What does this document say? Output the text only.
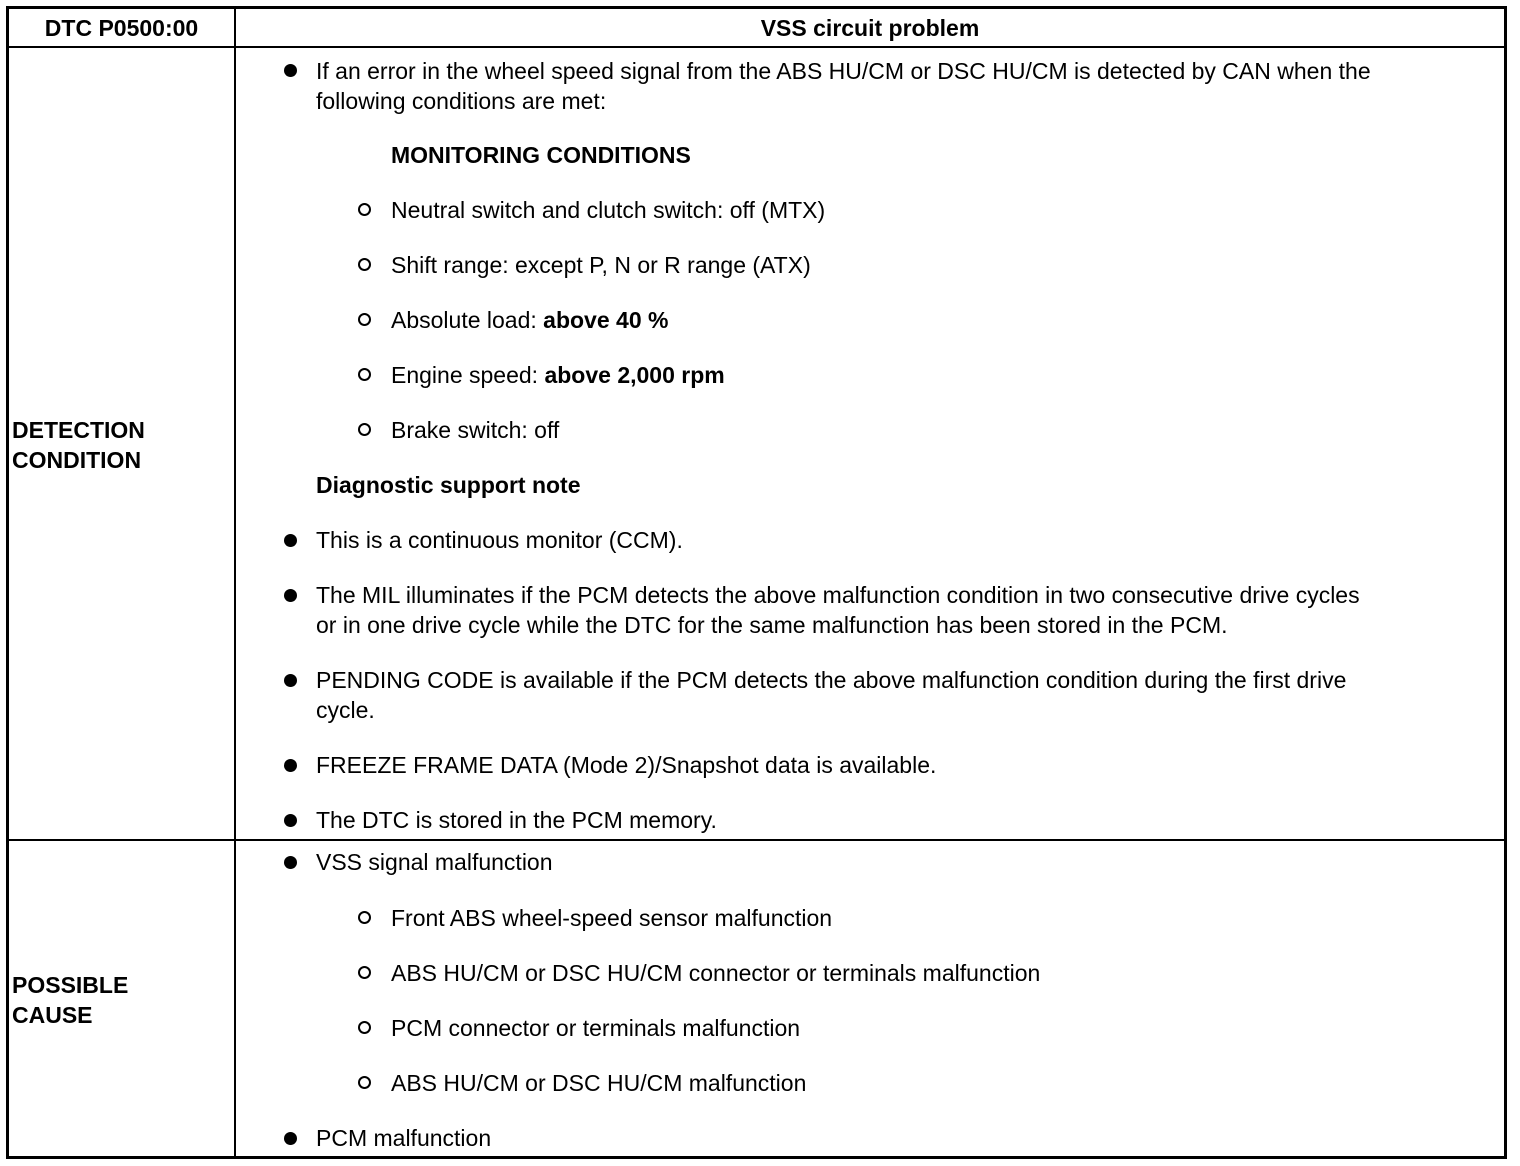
DTC P0500:00	VSS circuit problem
DETECTION
CONDITION
If an error in the wheel speed signal from the ABS HU/CM or DSC HU/CM is detected by CAN when the
following conditions are met:
MONITORING CONDITIONS
Neutral switch and clutch switch: off (MTX)
Shift range: except P, N or R range (ATX)
Absolute load: above 40 %
Engine speed: above 2,000 rpm
Brake switch: off
Diagnostic support note
This is a continuous monitor (CCM).
The MIL illuminates if the PCM detects the above malfunction condition in two consecutive drive cycles
or in one drive cycle while the DTC for the same malfunction has been stored in the PCM.
PENDING CODE is available if the PCM detects the above malfunction condition during the first drive
cycle.
FREEZE FRAME DATA (Mode 2)/Snapshot data is available.
The DTC is stored in the PCM memory.
POSSIBLE
CAUSE
VSS signal malfunction
Front ABS wheel-speed sensor malfunction
ABS HU/CM or DSC HU/CM connector or terminals malfunction
PCM connector or terminals malfunction
ABS HU/CM or DSC HU/CM malfunction
PCM malfunction
